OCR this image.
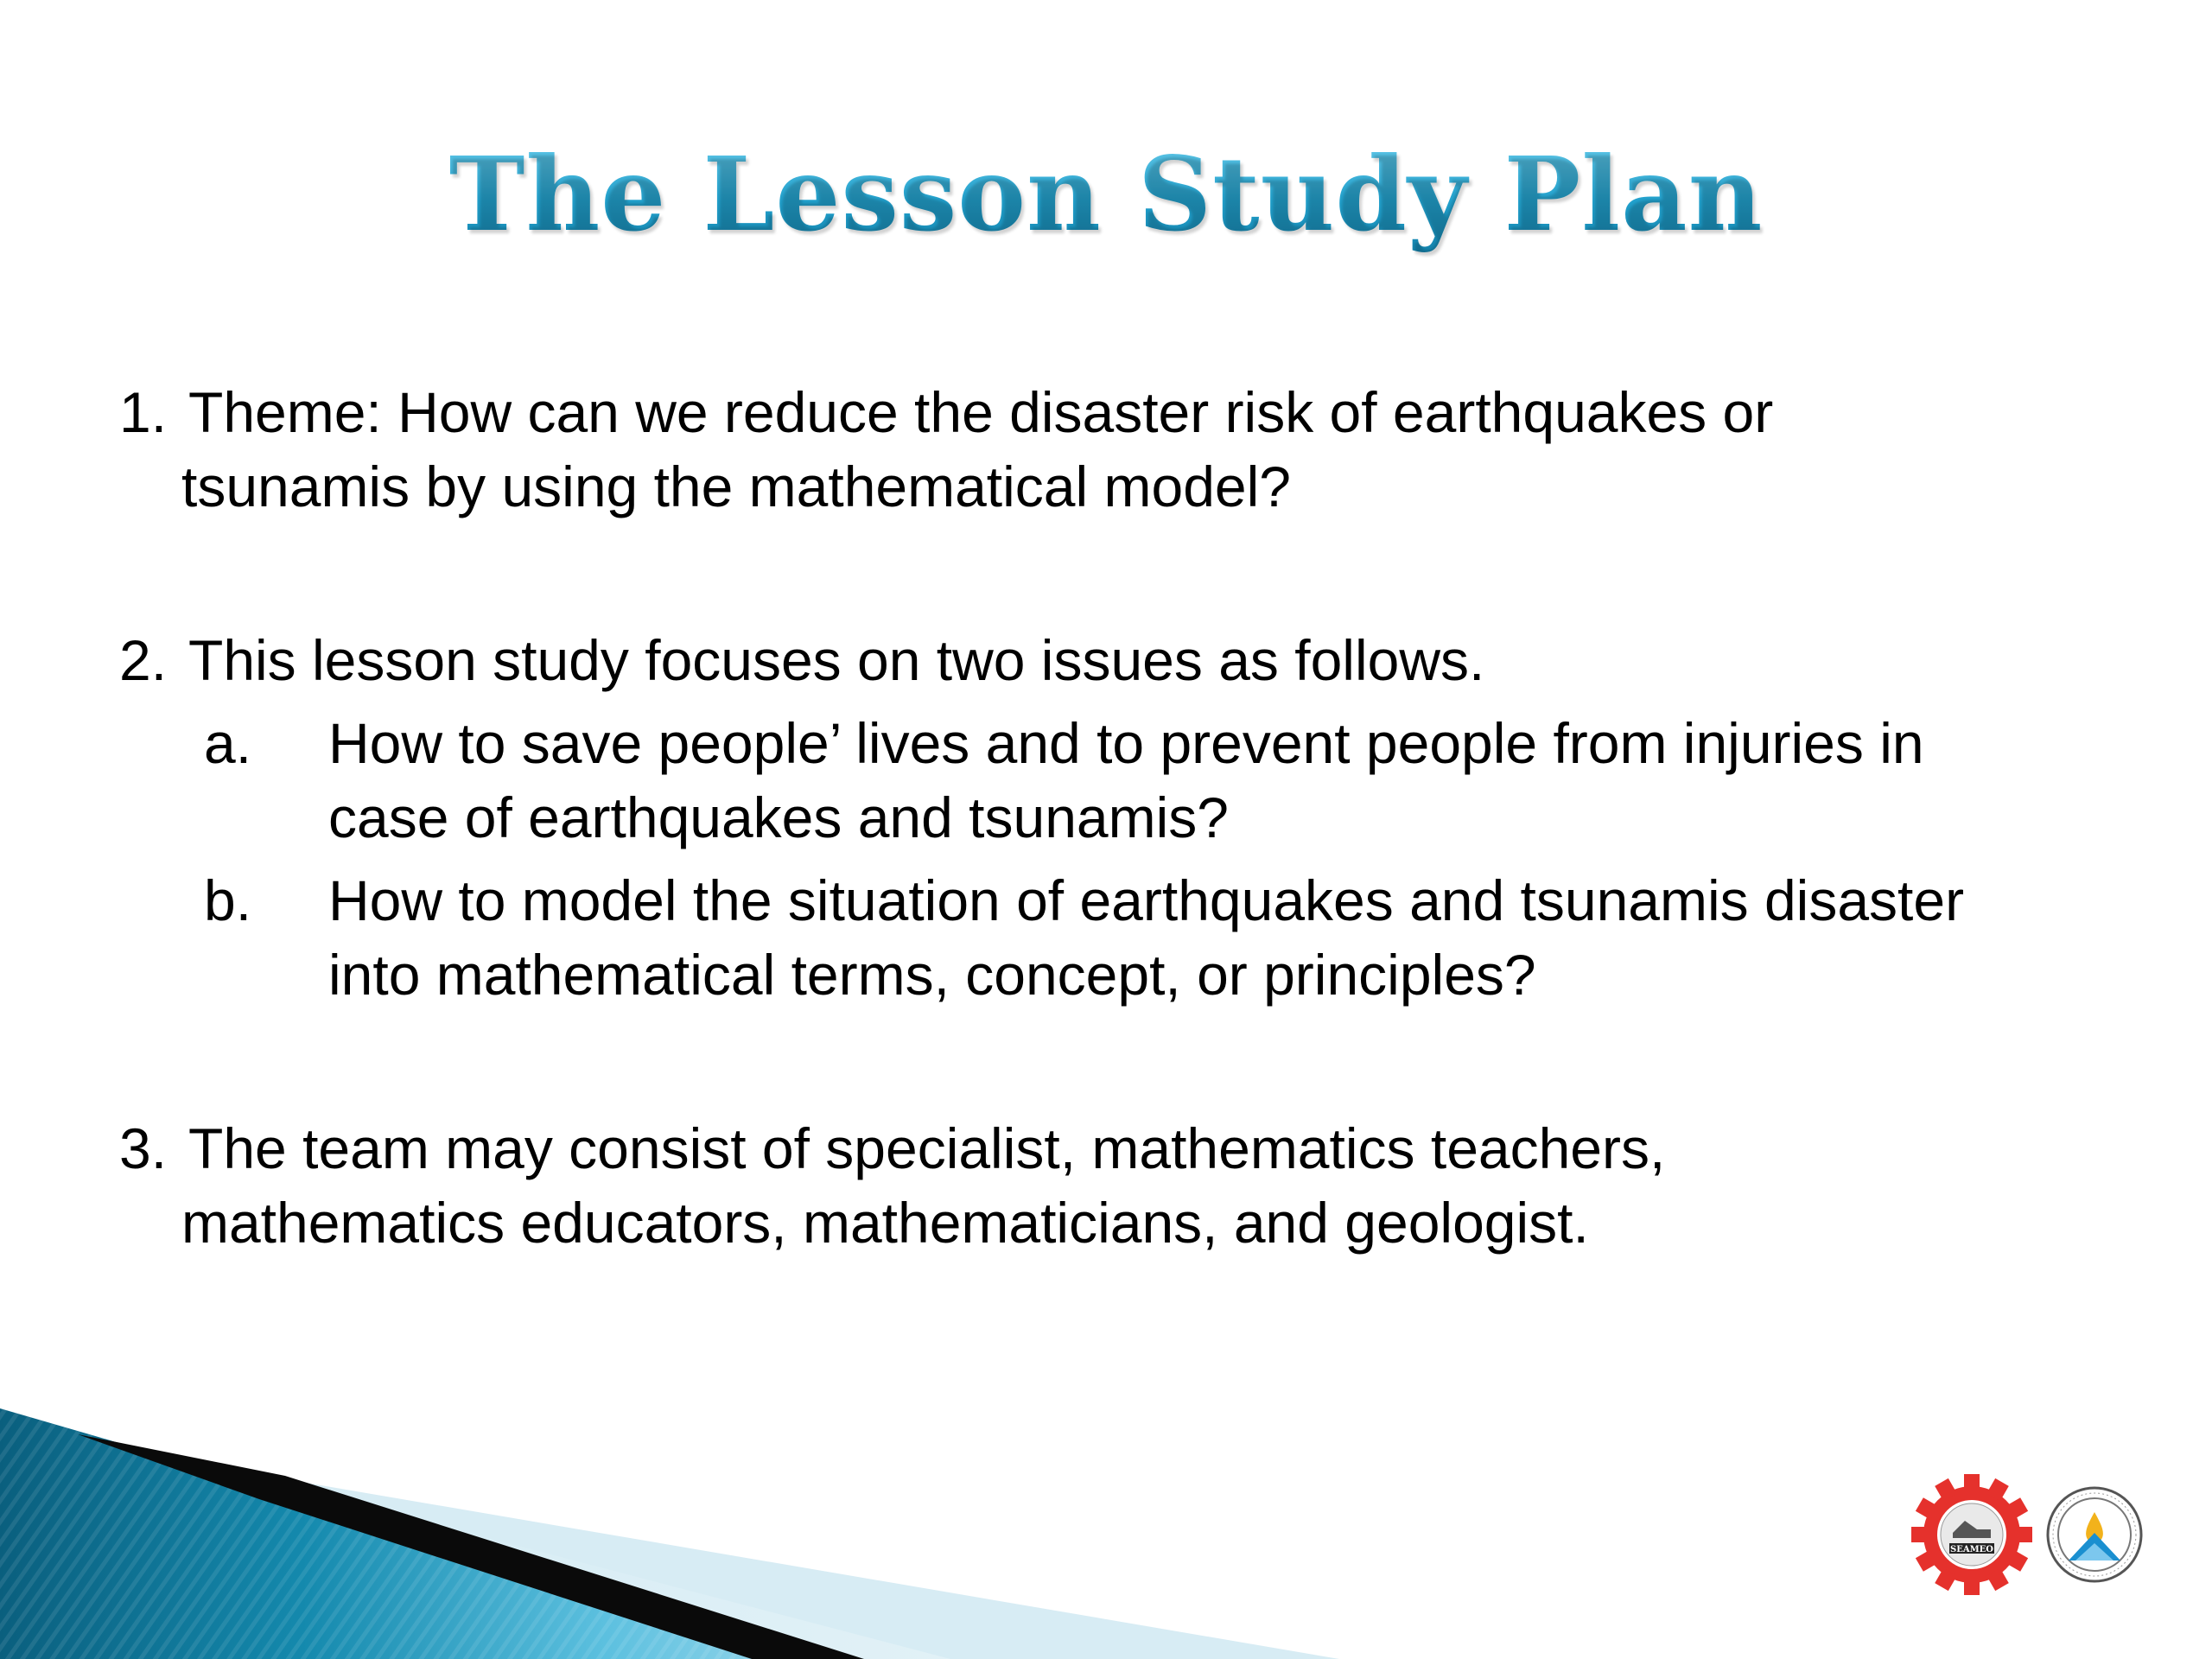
The Lesson Study Plan
1. Theme: How can we reduce the disaster risk of earthquakes or
tsunamis by using the mathematical model?
2. This lesson study focuses on two issues as follows.
a. How to save people’ lives and to prevent people from injuries in
case of earthquakes and tsunamis?
b. How to model the situation of earthquakes and tsunamis disaster
into mathematical terms, concept, or principles?
3. The team may consist of specialist, mathematics teachers,
mathematics educators, mathematicians, and geologist.
SEAMEO
